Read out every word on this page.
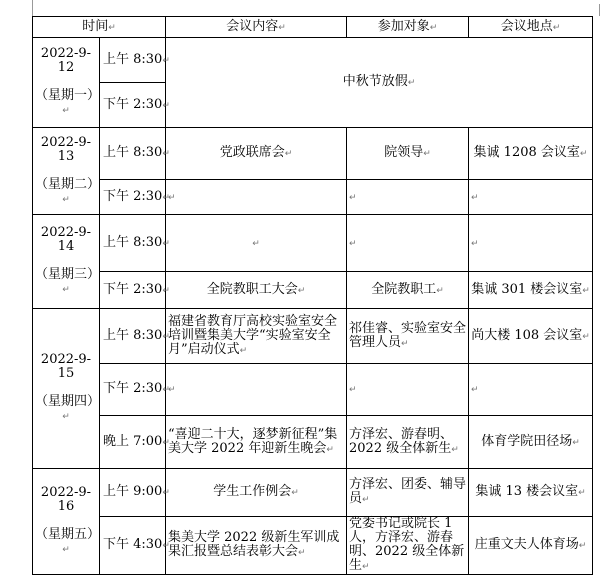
时间↵		会议内容↵	参加对象↵	会议地点↵

2022-9-12
（星期一）↵	上午 8:30↵	中秋节放假↵		
	下午 2:30↵			

2022-9-13
（星期二）↵	上午 8:30↵	党政联席会↵	院领导↵	集诚 1208 会议室↵
	下午 2:30↵	↵	↵	↵

2022-9-14
（星期三）↵	上午 8:30↵	↵	↵	↵
	下午 2:30↵	全院教职工大会↵	全院教职工↵	集诚 301 楼会议室↵

2022-9-15
（星期四）↵	上午 8:30↵	福建省教育厅高校实验室安全培训暨集美大学“实验室安全月”启动仪式↵	祁佳睿、实验室安全管理人员↵	尚大楼 108 会议室↵
	下午 2:30↵	↵	↵	↵
	晚上 7:00↵	“喜迎二十大，逐梦新征程”集美大学 2022 年迎新生晚会↵	方泽宏、游春明、2022 级全体新生↵	体育学院田径场↵

2022-9-16
（星期五）↵	上午 9:00↵	学生工作例会↵	方泽宏、团委、辅导员↵	集诚 13 楼会议室↵
	下午 4:30↵	集美大学 2022 级新生军训成果汇报暨总结表彰大会↵	党委书记或院长 1 人，方泽宏、游春明、2022 级全体新生↵	庄重文夫人体育场↵
